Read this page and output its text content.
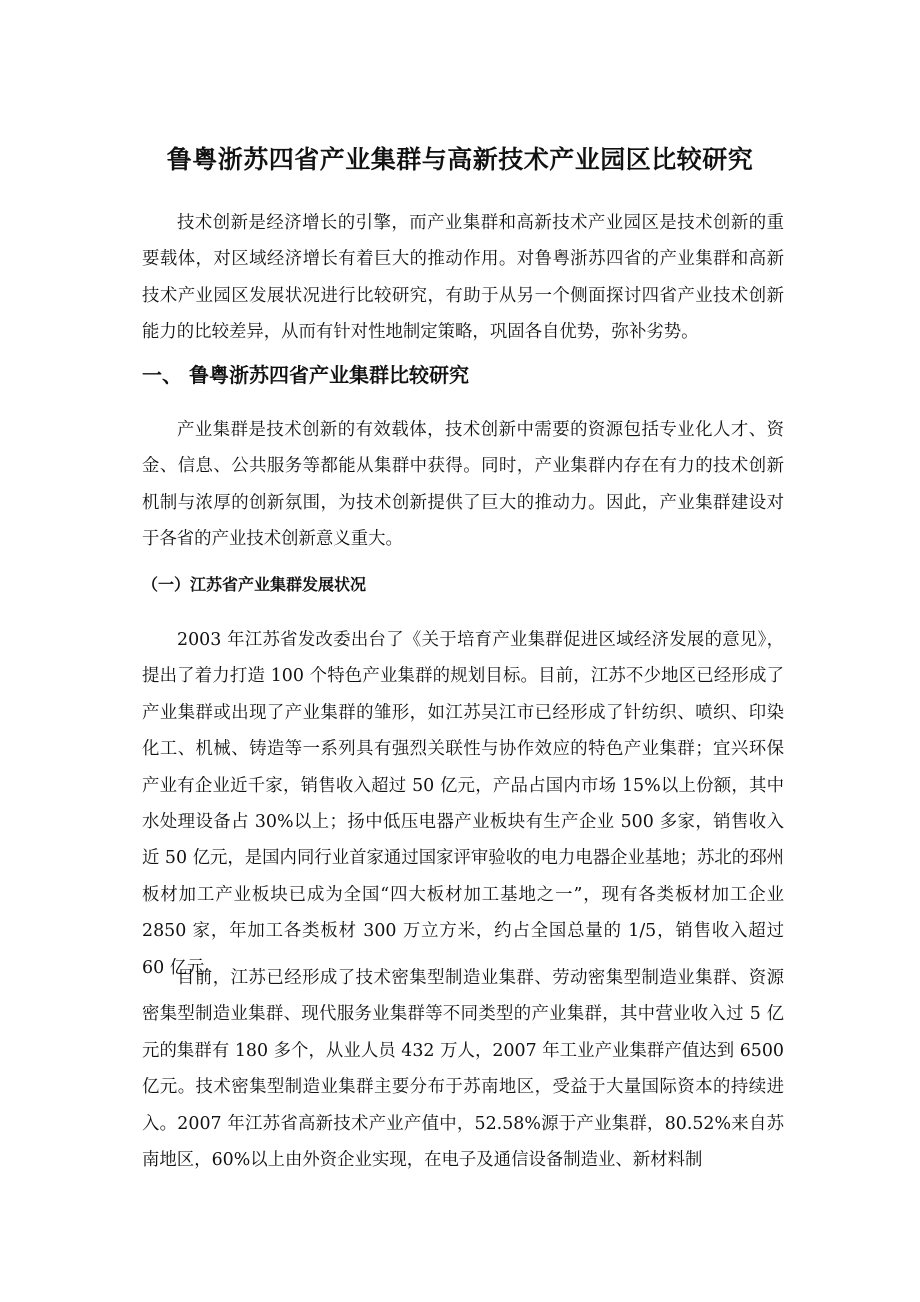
鲁粤浙苏四省产业集群与高新技术产业园区比较研究

技术创新是经济增长的引擎，而产业集群和高新技术产业园区是技术创新的重要载体，对区域经济增长有着巨大的推动作用。对鲁粤浙苏四省的产业集群和高新技术产业园区发展状况进行比较研究，有助于从另一个侧面探讨四省产业技术创新能力的比较差异，从而有针对性地制定策略，巩固各自优势，弥补劣势。

一、 鲁粤浙苏四省产业集群比较研究

产业集群是技术创新的有效载体，技术创新中需要的资源包括专业化人才、资金、信息、公共服务等都能从集群中获得。同时，产业集群内存在有力的技术创新机制与浓厚的创新氛围，为技术创新提供了巨大的推动力。因此，产业集群建设对于各省的产业技术创新意义重大。

（一）江苏省产业集群发展状况

2003 年江苏省发改委出台了《关于培育产业集群促进区域经济发展的意见》，提出了着力打造 100 个特色产业集群的规划目标。目前，江苏不少地区已经形成了产业集群或出现了产业集群的雏形，如江苏吴江市已经形成了针纺织、喷织、印染化工、机械、铸造等一系列具有强烈关联性与协作效应的特色产业集群；宜兴环保产业有企业近千家，销售收入超过 50 亿元，产品占国内市场 15%以上份额，其中水处理设备占 30%以上；扬中低压电器产业板块有生产企业 500 多家，销售收入近 50 亿元，是国内同行业首家通过国家评审验收的电力电器企业基地；苏北的邳州板材加工产业板块已成为全国“四大板材加工基地之一”，现有各类板材加工企业 2850 家，年加工各类板材 300 万立方米，约占全国总量的 1/5，销售收入超过 60 亿元。

目前，江苏已经形成了技术密集型制造业集群、劳动密集型制造业集群、资源密集型制造业集群、现代服务业集群等不同类型的产业集群，其中营业收入过 5 亿元的集群有 180 多个，从业人员 432 万人，2007 年工业产业集群产值达到 6500 亿元。技术密集型制造业集群主要分布于苏南地区，受益于大量国际资本的持续进入。2007 年江苏省高新技术产业产值中，52.58%源于产业集群，80.52%来自苏南地区，60%以上由外资企业实现，在电子及通信设备制造业、新材料制
